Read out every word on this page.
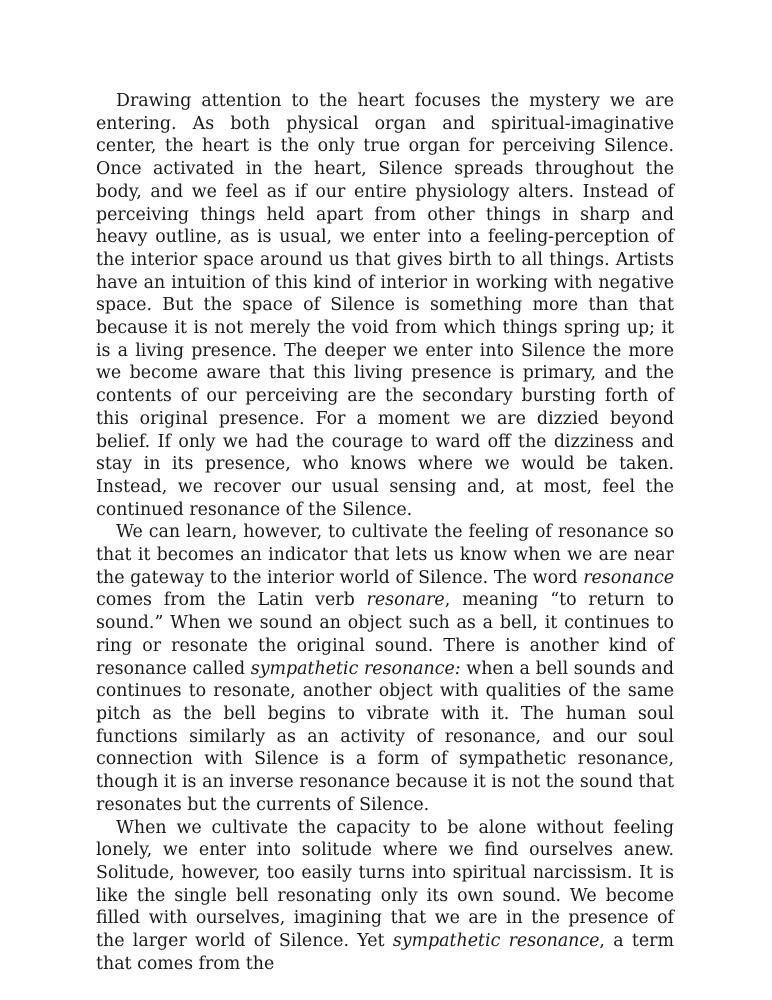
Drawing attention to the heart focuses the mystery we are entering. As both physical organ and spiritual-imaginative center, the heart is the only true organ for perceiving Silence. Once activated in the heart, Silence spreads throughout the body, and we feel as if our entire physiology alters. Instead of perceiving things held apart from other things in sharp and heavy outline, as is usual, we enter into a feeling-perception of the interior space around us that gives birth to all things. Artists have an intuition of this kind of interior in working with negative space. But the space of Silence is something more than that because it is not merely the void from which things spring up; it is a living presence. The deeper we enter into Silence the more we become aware that this living presence is primary, and the contents of our perceiving are the secondary bursting forth of this original presence. For a moment we are dizzied beyond belief. If only we had the courage to ward off the dizziness and stay in its presence, who knows where we would be taken. Instead, we recover our usual sensing and, at most, feel the continued resonance of the Silence.

We can learn, however, to cultivate the feeling of resonance so that it becomes an indicator that lets us know when we are near the gateway to the interior world of Silence. The word resonance comes from the Latin verb resonare, meaning “to return to sound.” When we sound an object such as a bell, it continues to ring or resonate the original sound. There is another kind of resonance called sympathetic resonance: when a bell sounds and continues to resonate, another object with qualities of the same pitch as the bell begins to vibrate with it. The human soul functions similarly as an activity of resonance, and our soul connection with Silence is a form of sympathetic resonance, though it is an inverse resonance because it is not the sound that resonates but the currents of Silence.

When we cultivate the capacity to be alone without feeling lonely, we enter into solitude where we find ourselves anew. Solitude, however, too easily turns into spiritual narcissism. It is like the single bell resonating only its own sound. We become filled with ourselves, imagining that we are in the presence of the larger world of Silence. Yet sympathetic resonance, a term that comes from the
